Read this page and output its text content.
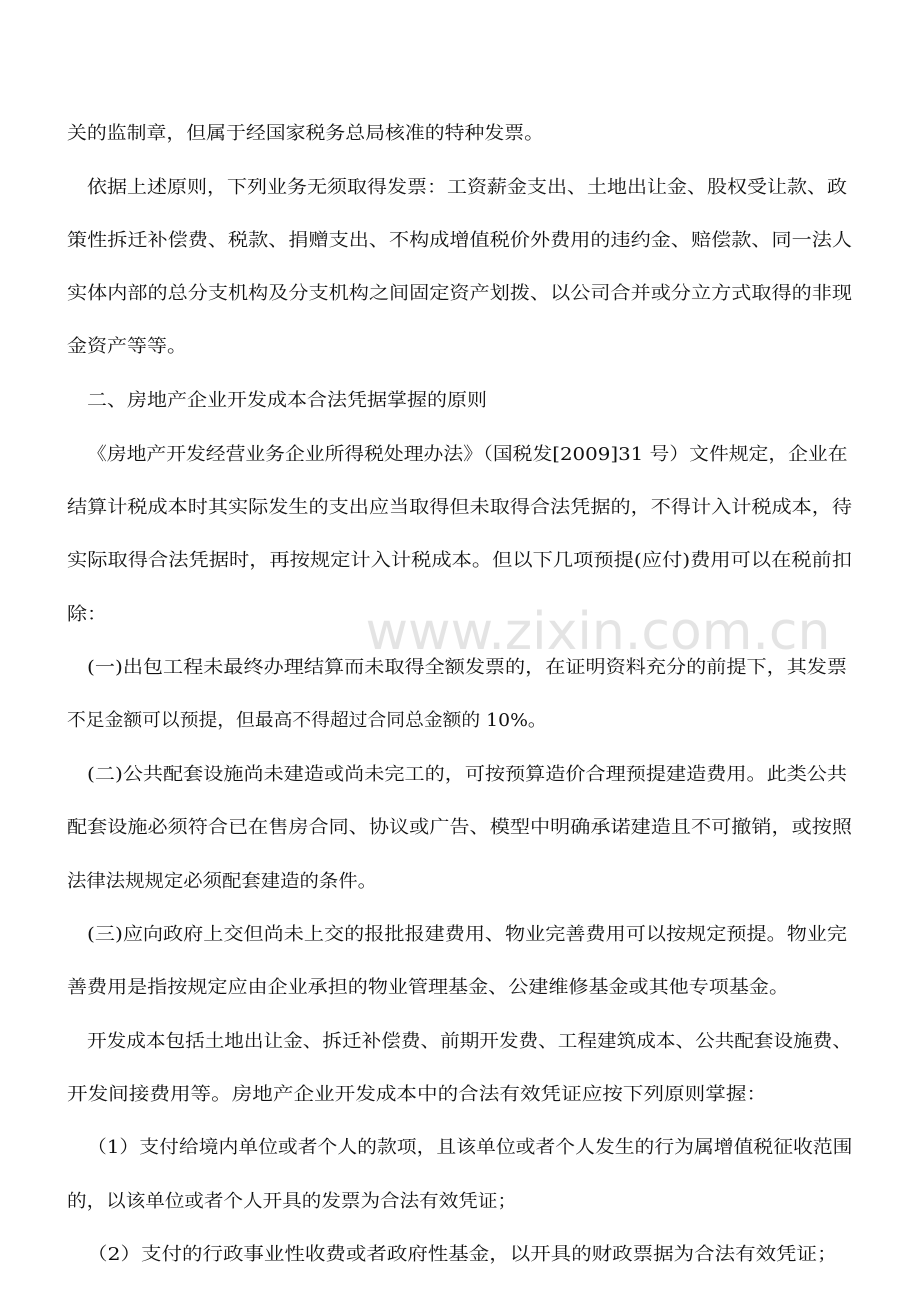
www.zixin.com.cn

关的监制章，但属于经国家税务总局核准的特种发票。

依据上述原则，下列业务无须取得发票：工资薪金支出、土地出让金、股权受让款、政

策性拆迁补偿费、税款、捐赠支出、不构成增值税价外费用的违约金、赔偿款、同一法人

实体内部的总分支机构及分支机构之间固定资产划拨、以公司合并或分立方式取得的非现

金资产等等。

二、房地产企业开发成本合法凭据掌握的原则

《房地产开发经营业务企业所得税处理办法》（国税发[2009]31 号）文件规定，企业在

结算计税成本时其实际发生的支出应当取得但未取得合法凭据的，不得计入计税成本，待

实际取得合法凭据时，再按规定计入计税成本。但以下几项预提(应付)费用可以在税前扣

除：

(一)出包工程未最终办理结算而未取得全额发票的，在证明资料充分的前提下，其发票

不足金额可以预提，但最高不得超过合同总金额的 10%。

(二)公共配套设施尚未建造或尚未完工的，可按预算造价合理预提建造费用。此类公共

配套设施必须符合已在售房合同、协议或广告、模型中明确承诺建造且不可撤销，或按照

法律法规规定必须配套建造的条件。

(三)应向政府上交但尚未上交的报批报建费用、物业完善费用可以按规定预提。物业完

善费用是指按规定应由企业承担的物业管理基金、公建维修基金或其他专项基金。

开发成本包括土地出让金、拆迁补偿费、前期开发费、工程建筑成本、公共配套设施费、

开发间接费用等。房地产企业开发成本中的合法有效凭证应按下列原则掌握：

（1）支付给境内单位或者个人的款项，且该单位或者个人发生的行为属增值税征收范围

的，以该单位或者个人开具的发票为合法有效凭证；

（2）支付的行政事业性收费或者政府性基金，以开具的财政票据为合法有效凭证；
